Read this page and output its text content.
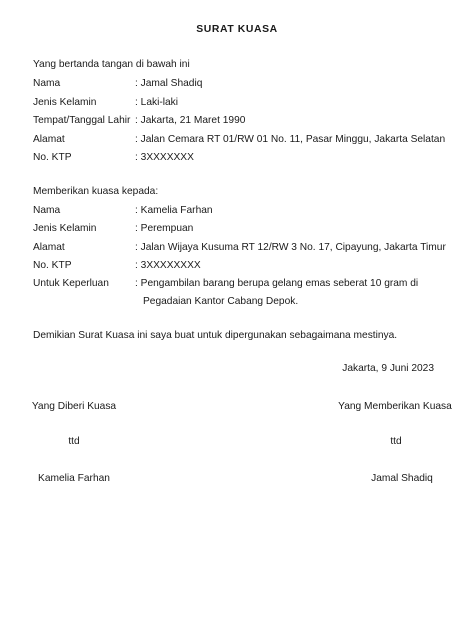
SURAT KUASA
Yang bertanda tangan di bawah ini
Nama	: Jamal Shadiq
Jenis Kelamin	: Laki-laki
Tempat/Tanggal Lahir : Jakarta, 21 Maret 1990
Alamat	: Jalan Cemara RT 01/RW 01 No. 11, Pasar Minggu, Jakarta Selatan
No. KTP	: 3XXXXXXX
Memberikan kuasa kepada:
Nama	: Kamelia Farhan
Jenis Kelamin	: Perempuan
Alamat	: Jalan Wijaya Kusuma RT 12/RW 3 No. 17, Cipayung, Jakarta Timur
No. KTP	: 3XXXXXXXX
Untuk Keperluan	: Pengambilan barang berupa gelang emas seberat 10 gram di
Pegadaian Kantor Cabang Depok.
Demikian Surat Kuasa ini saya buat untuk dipergunakan sebagaimana mestinya.
Jakarta, 9 Juni 2023
Yang Diberi Kuasa
ttd
Kamelia Farhan
Yang Memberikan Kuasa
ttd
Jamal Shadiq
